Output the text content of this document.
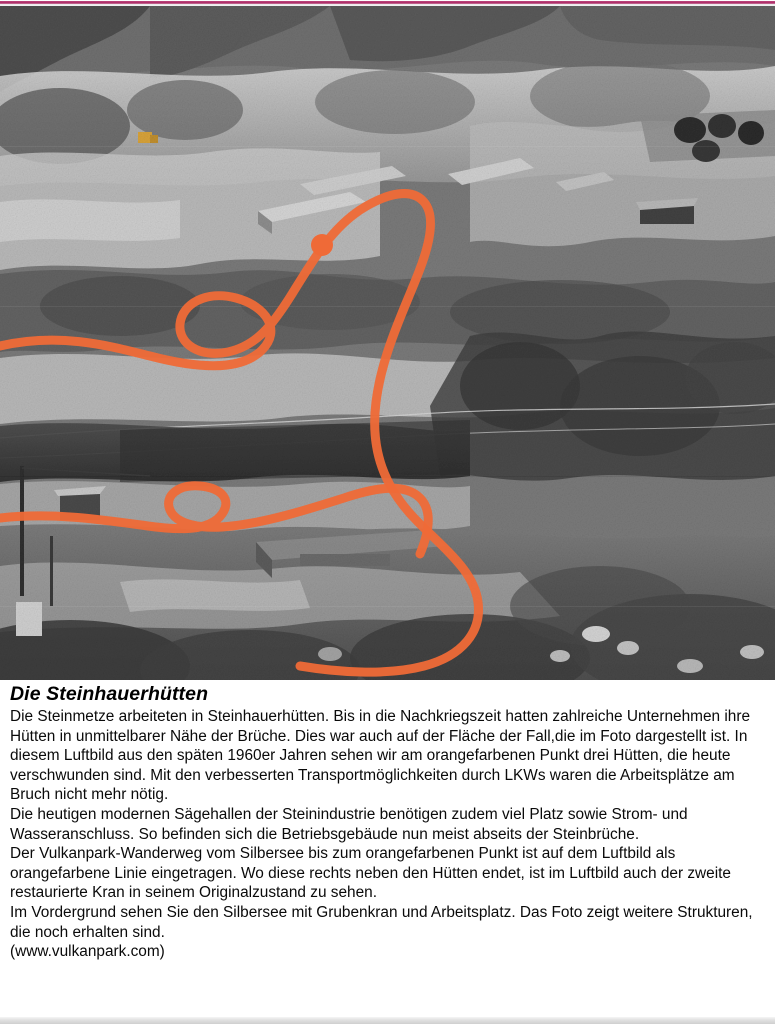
Die Steinhauerhütten

Die Steinmetze arbeiteten in Steinhauerhütten. Bis in die Nachkriegszeit hatten zahlreiche Unternehmen ihre Hütten in unmittelbarer Nähe der Brüche. Dies war auch auf der Fläche der Fall,die im Foto dargestellt ist. In diesem Luftbild aus den späten 1960er Jahren sehen wir am orangefarbenen Punkt drei Hütten, die heute verschwunden sind. Mit den verbesserten Transportmöglichkeiten durch LKWs waren die Arbeitsplätze am Bruch nicht mehr nötig.

Die heutigen modernen Sägehallen der Steinindustrie benötigen zudem viel Platz sowie Strom- und Wasseranschluss. So befinden sich die Betriebsgebäude nun meist abseits der Steinbrüche.

Der Vulkanpark-Wanderweg vom Silbersee bis zum orangefarbenen Punkt ist auf dem Luftbild als orangefarbene Linie eingetragen. Wo diese rechts neben den Hütten endet, ist im Luftbild auch der zweite restaurierte Kran in seinem Originalzustand zu sehen.

Im Vordergrund sehen Sie den Silbersee mit Grubenkran und Arbeitsplatz. Das Foto zeigt weitere Strukturen, die noch erhalten sind.

(www.vulkanpark.com)
